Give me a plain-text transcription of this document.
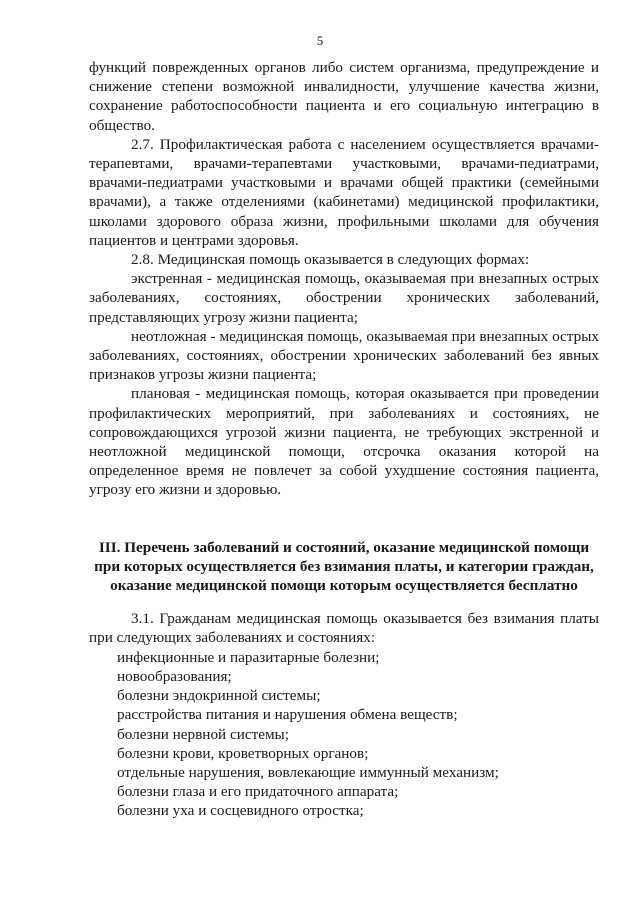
5

функций поврежденных органов либо систем организма, предупреждение и снижение степени возможной инвалидности, улучшение качества жизни, сохранение работоспособности пациента и его социальную интеграцию в общество.

2.7. Профилактическая работа с населением осуществляется врачами-терапевтами, врачами-терапевтами участковыми, врачами-педиатрами, врачами-педиатрами участковыми и врачами общей практики (семейными врачами), а также отделениями (кабинетами) медицинской профилактики, школами здорового образа жизни, профильными школами для обучения пациентов и центрами здоровья.

2.8. Медицинская помощь оказывается в следующих формах:

экстренная - медицинская помощь, оказываемая при внезапных острых заболеваниях, состояниях, обострении хронических заболеваний, представляющих угрозу жизни пациента;

неотложная - медицинская помощь, оказываемая при внезапных острых заболеваниях, состояниях, обострении хронических заболеваний без явных признаков угрозы жизни пациента;

плановая - медицинская помощь, которая оказывается при проведении профилактических мероприятий, при заболеваниях и состояниях, не сопровождающихся угрозой жизни пациента, не требующих экстренной и неотложной медицинской помощи, отсрочка оказания которой на определенное время не повлечет за собой ухудшение состояния пациента, угрозу его жизни и здоровью.

III. Перечень заболеваний и состояний, оказание медицинской помощи при которых осуществляется без взимания платы, и категории граждан, оказание медицинской помощи которым осуществляется бесплатно

3.1. Гражданам медицинская помощь оказывается без взимания платы при следующих заболеваниях и состояниях:

инфекционные и паразитарные болезни;

новообразования;

болезни эндокринной системы;

расстройства питания и нарушения обмена веществ;

болезни нервной системы;

болезни крови, кроветворных органов;

отдельные нарушения, вовлекающие иммунный механизм;

болезни глаза и его придаточного аппарата;

болезни уха и сосцевидного отростка;
